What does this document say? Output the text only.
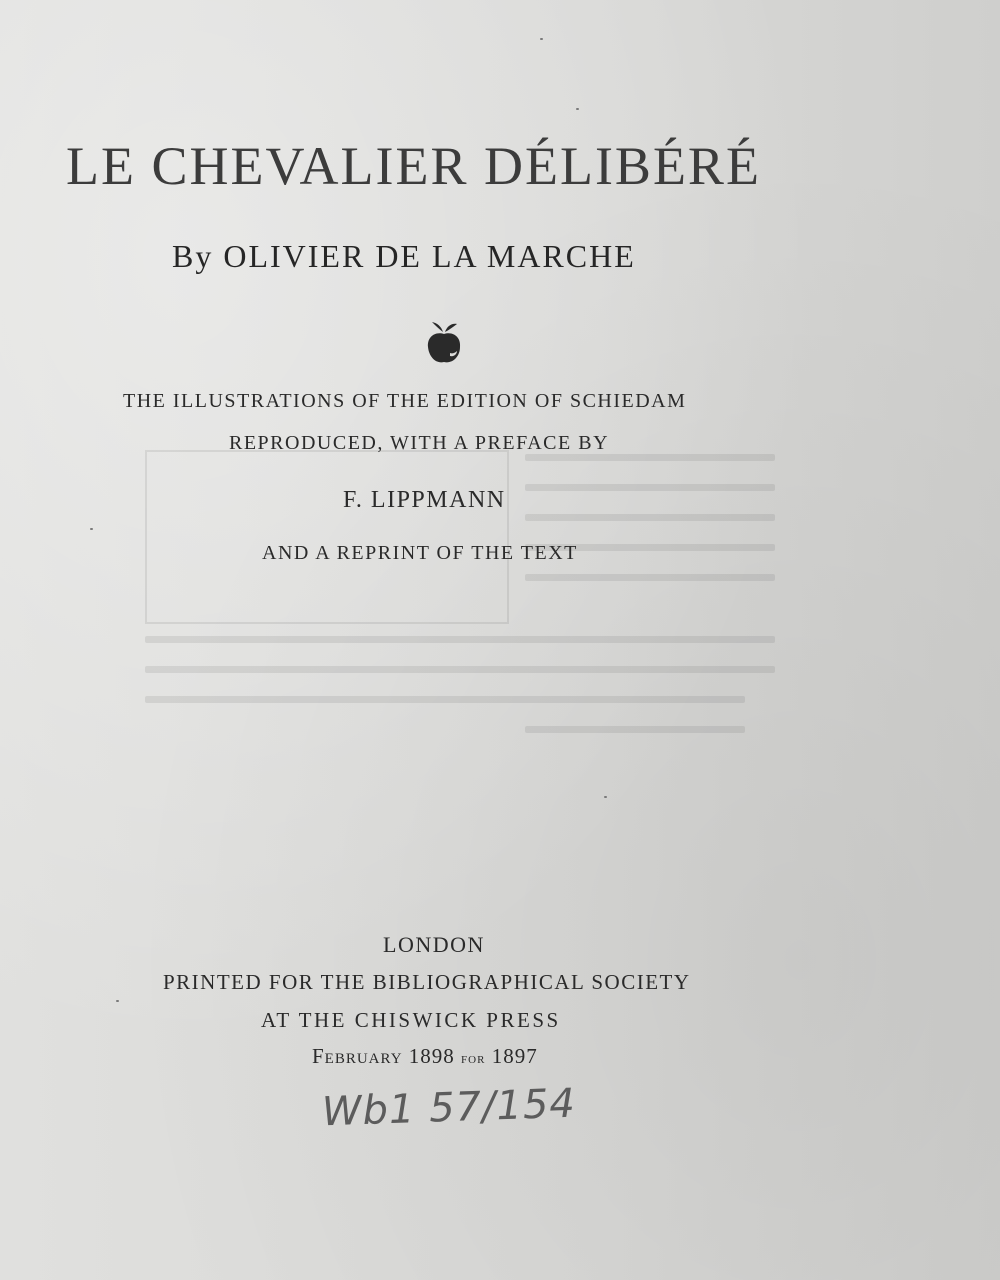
LE CHEVALIER DÉLIBÉRÉ
By OLIVIER DE LA MARCHE
THE ILLUSTRATIONS OF THE EDITION OF SCHIEDAM
REPRODUCED, WITH A PREFACE BY
F. LIPPMANN
AND A REPRINT OF THE TEXT
LONDON
PRINTED FOR THE BIBLIOGRAPHICAL SOCIETY
AT THE CHISWICK PRESS
February 1898 for 1897
Wb1 57/154
